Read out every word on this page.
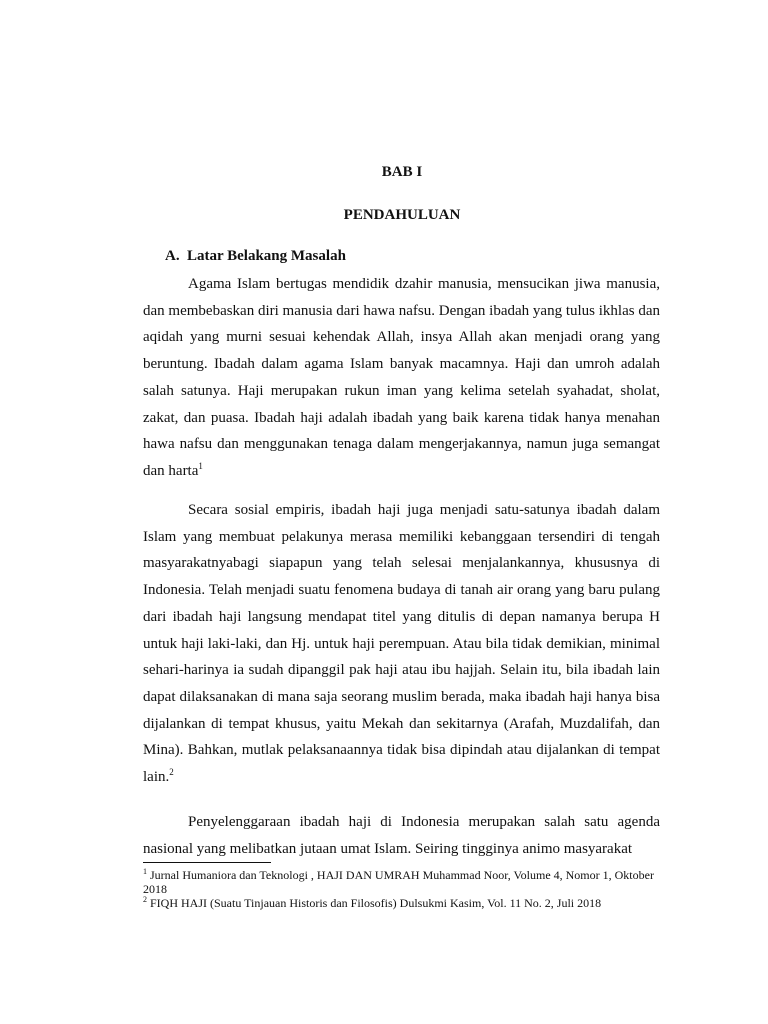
BAB I
PENDAHULUAN
A. Latar Belakang Masalah

Agama Islam bertugas mendidik dzahir manusia, mensucikan jiwa manusia, dan membebaskan diri manusia dari hawa nafsu. Dengan ibadah yang tulus ikhlas dan aqidah yang murni sesuai kehendak Allah, insya Allah akan menjadi orang yang beruntung. Ibadah dalam agama Islam banyak macamnya. Haji dan umroh adalah salah satunya. Haji merupakan rukun iman yang kelima setelah syahadat, sholat, zakat, dan puasa. Ibadah haji adalah ibadah yang baik karena tidak hanya menahan hawa nafsu dan menggunakan tenaga dalam mengerjakannya, namun juga semangat dan harta$^1$

Secara sosial empiris, ibadah haji juga menjadi satu-satunya ibadah dalam Islam yang membuat pelakunya merasa memiliki kebanggaan tersendiri di tengah masyarakatnyabagi siapapun yang telah selesai menjalankannya, khususnya di Indonesia. Telah menjadi suatu fenomena budaya di tanah air orang yang baru pulang dari ibadah haji langsung mendapat titel yang ditulis di depan namanya berupa H untuk haji laki-laki, dan Hj. untuk haji perempuan. Atau bila tidak demikian, minimal sehari-harinya ia sudah dipanggil pak haji atau ibu hajjah. Selain itu, bila ibadah lain dapat dilaksanakan di mana saja seorang muslim berada, maka ibadah haji hanya bisa dijalankan di tempat khusus, yaitu Mekah dan sekitarnya (Arafah, Muzdalifah, dan Mina). Bahkan, mutlak pelaksanaannya tidak bisa dipindah atau dijalankan di tempat lain.$^2$

Penyelenggaraan ibadah haji di Indonesia merupakan salah satu agenda nasional yang melibatkan jutaan umat Islam. Seiring tingginya animo masyarakat

$^1$ Jurnal Humaniora dan Teknologi , HAJI DAN UMRAH Muhammad Noor, Volume 4, Nomor 1, Oktober 2018

$^2$ FIQH HAJI (Suatu Tinjauan Historis dan Filosofis) Dulsukmi Kasim, Vol. 11 No. 2, Juli 2018
